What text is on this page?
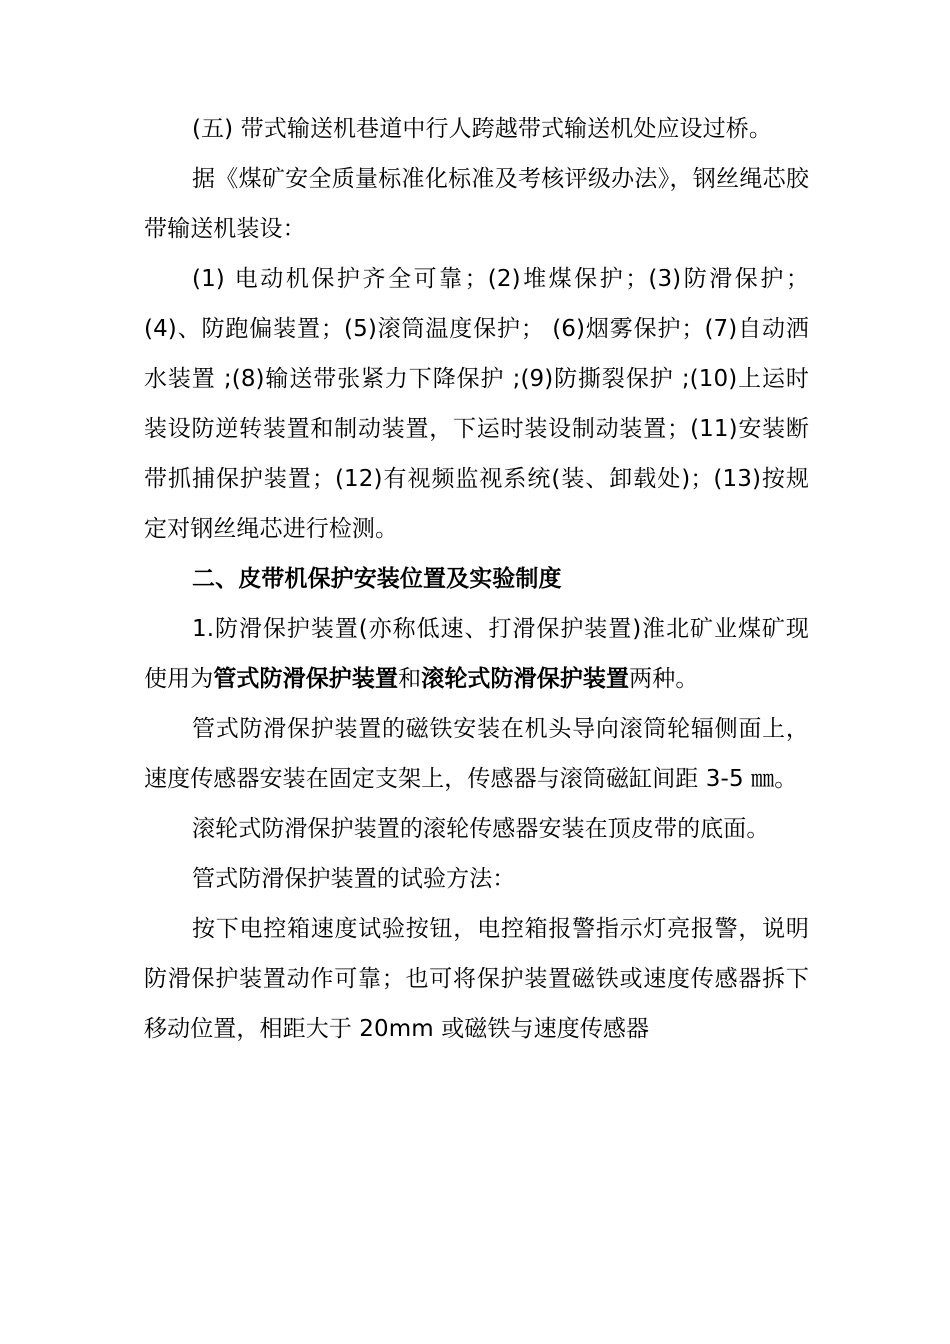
(五) 带式输送机巷道中行人跨越带式输送机处应设过桥。

据《煤矿安全质量标准化标准及考核评级办法》，钢丝绳芯胶带输送机装设：

(1) 电动机保护齐全可靠；(2)堆煤保护；(3)防滑保护；(4)、防跑偏装置；(5)滚筒温度保护； (6)烟雾保护；(7)自动洒水装置 ;(8)输送带张紧力下降保护 ;(9)防撕裂保护 ;(10)上运时装设防逆转装置和制动装置，下运时装设制动装置；(11)安装断带抓捕保护装置；(12)有视频监视系统(装、卸载处)；(13)按规定对钢丝绳芯进行检测。

二、皮带机保护安装位置及实验制度

1.防滑保护装置(亦称低速、打滑保护装置)淮北矿业煤矿现使用为管式防滑保护装置和滚轮式防滑保护装置两种。

管式防滑保护装置的磁铁安装在机头导向滚筒轮辐侧面上，速度传感器安装在固定支架上，传感器与滚筒磁缸间距 3-5 ㎜。

滚轮式防滑保护装置的滚轮传感器安装在顶皮带的底面。

管式防滑保护装置的试验方法：

按下电控箱速度试验按钮，电控箱报警指示灯亮报警，说明防滑保护装置动作可靠；也可将保护装置磁铁或速度传感器拆下移动位置，相距大于 20mm 或磁铁与速度传感器
